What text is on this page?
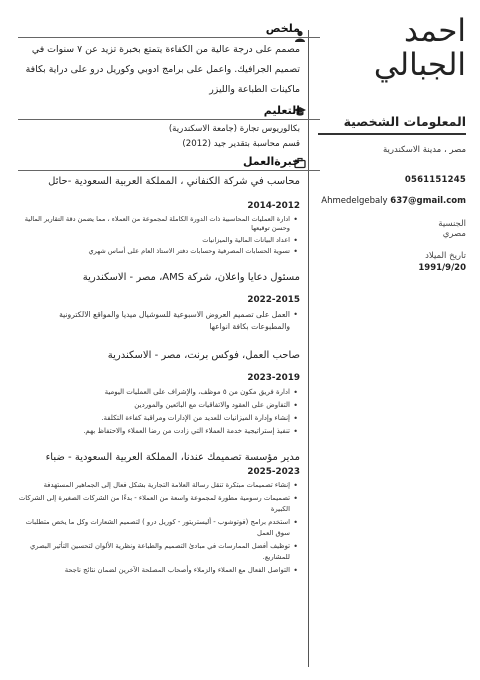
احمد
الجبالي
المعلومات الشخصية
مصر ، مدينة الاسكندرية
0561151245
Ahmedelgebaly 637@gmail.com
الجنسية
مصري
تاريخ الميلاد
1991/9/20
ملخص
مصمم على درجة عالية من الكفاءة يتمتع بخبرة تزيد عن ٧ سنوات في تصميم الجرافيك. واعمل على برامج ادوبي وكوريل درو على دراية بكافة ماكينات الطباعة والليزر
التعليم
بكالوريوس تجارة (جامعة الاسكندرية)
قسم محاسبة بتقدير جيد (2012)
خبرةالعمل
محاسب في شركة الكنفاني ، المملكة العربية السعودية -حائل
2014-2012
• ادارة العمليات المحاسبية ذات الدورة الكاملة لمجموعة من العملاء ، مما يضمن دقة التقارير المالية وحسن توقيعها
• اعداد البيانات المالية والميزانيات
• تسوية الحسابات المصرفية وحسابات دفتر الاستاذ العام على أساس شهري
مسئول دعايا واعلان، شركة AMS، مصر - الاسكندرية
2022-2015
• العمل على تصميم العروض الاسبوعية للسوشيال ميديا والمواقع الالكترونية والمطبوعات بكافة انواعها
صاحب العمل، فوكس برنت، مصر - الاسكندرية
2023-2019
• ادارة فريق مكون من ٥ موظف، والإشراف على العمليات اليومية
• التفاوض على العقود والاتفاقيات مع البائعين والموردين
• إنشاء وإدارة الميزانيات للعديد من الإدارات ومراقبة كفاءة التكلفة.
• تنفيذ إستراتيجية خدمة العملاء التي زادت من رضا العملاء والاحتفاظ بهم.
مدير مؤسسة تصميمك عندنا، المملكة العربية السعودية - ضباء
2025-2023
• إنشاء تصميمات مبتكرة تنقل رسالة العلامة التجارية بشكل فعال إلى الجماهير المستهدفة
• تصميمات رسومية مطورة لمجموعة واسعة من العملاء - بدءًا من الشركات الصغيرة إلى الشركات الكبيرة
• استخدم برامج (فوتوشوب - أليستريتور - كوريل درو ) لتصميم الشعارات وكل ما يخص متطلبات سوق العمل
• توظيف أفضل الممارسات في مبادئ التصميم والطباعة ونظرية الألوان لتحسين التأثير البصري للمشاريع.
• التواصل الفعال مع العملاء والزملاء وأصحاب المصلحة الآخرين لضمان نتائج ناجحة
